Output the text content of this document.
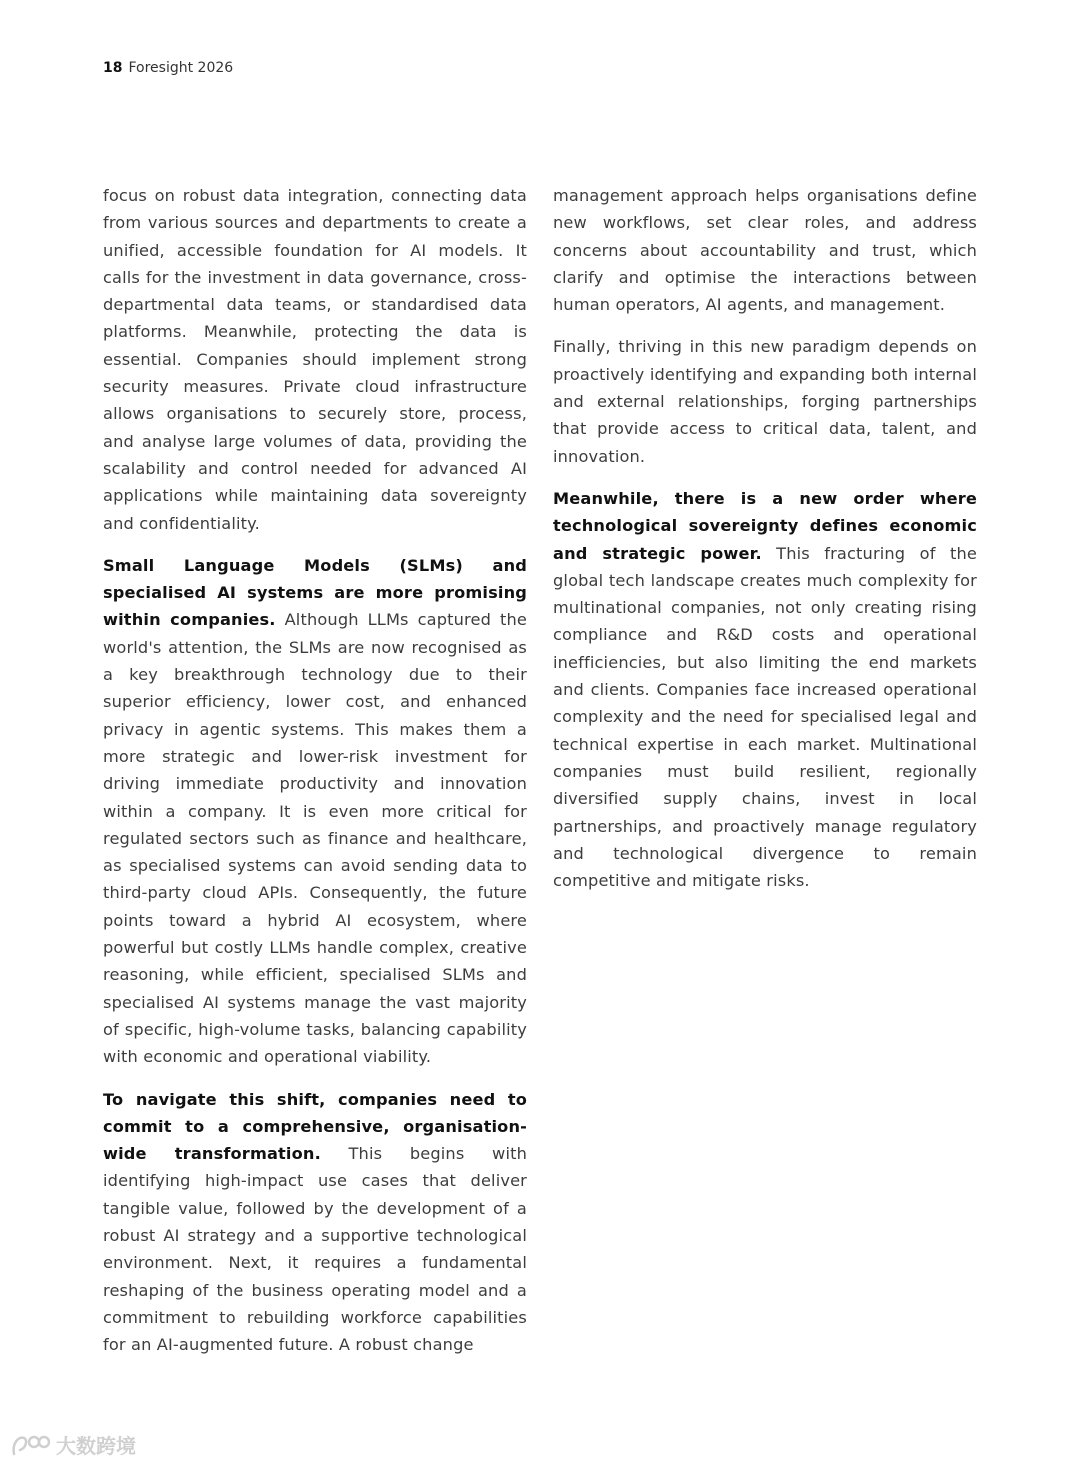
18 Foresight 2026

focus on robust data integration, connecting data from various sources and departments to create a unified, accessible foundation for AI models. It calls for the investment in data governance, cross-departmental data teams, or standardised data platforms. Meanwhile, protecting the data is essential. Companies should implement strong security measures. Private cloud infrastructure allows organisations to securely store, process, and analyse large volumes of data, providing the scalability and control needed for advanced AI applications while maintaining data sovereignty and confidentiality.

Small Language Models (SLMs) and specialised AI systems are more promising within companies. Although LLMs captured the world's attention, the SLMs are now recognised as a key breakthrough technology due to their superior efficiency, lower cost, and enhanced privacy in agentic systems. This makes them a more strategic and lower-risk investment for driving immediate productivity and innovation within a company. It is even more critical for regulated sectors such as finance and healthcare, as specialised systems can avoid sending data to third-party cloud APIs. Consequently, the future points toward a hybrid AI ecosystem, where powerful but costly LLMs handle complex, creative reasoning, while efficient, specialised SLMs and specialised AI systems manage the vast majority of specific, high-volume tasks, balancing capability with economic and operational viability.

To navigate this shift, companies need to commit to a comprehensive, organisation-wide transformation. This begins with identifying high-impact use cases that deliver tangible value, followed by the development of a robust AI strategy and a supportive technological environment. Next, it requires a fundamental reshaping of the business operating model and a commitment to rebuilding workforce capabilities for an AI-augmented future. A robust change

management approach helps organisations define new workflows, set clear roles, and address concerns about accountability and trust, which clarify and optimise the interactions between human operators, AI agents, and management.

Finally, thriving in this new paradigm depends on proactively identifying and expanding both internal and external relationships, forging partnerships that provide access to critical data, talent, and innovation.

Meanwhile, there is a new order where technological sovereignty defines economic and strategic power. This fracturing of the global tech landscape creates much complexity for multinational companies, not only creating rising compliance and R&D costs and operational inefficiencies, but also limiting the end markets and clients. Companies face increased operational complexity and the need for specialised legal and technical expertise in each market. Multinational companies must build resilient, regionally diversified supply chains, invest in local partnerships, and proactively manage regulatory and technological divergence to remain competitive and mitigate risks.

大数跨境
